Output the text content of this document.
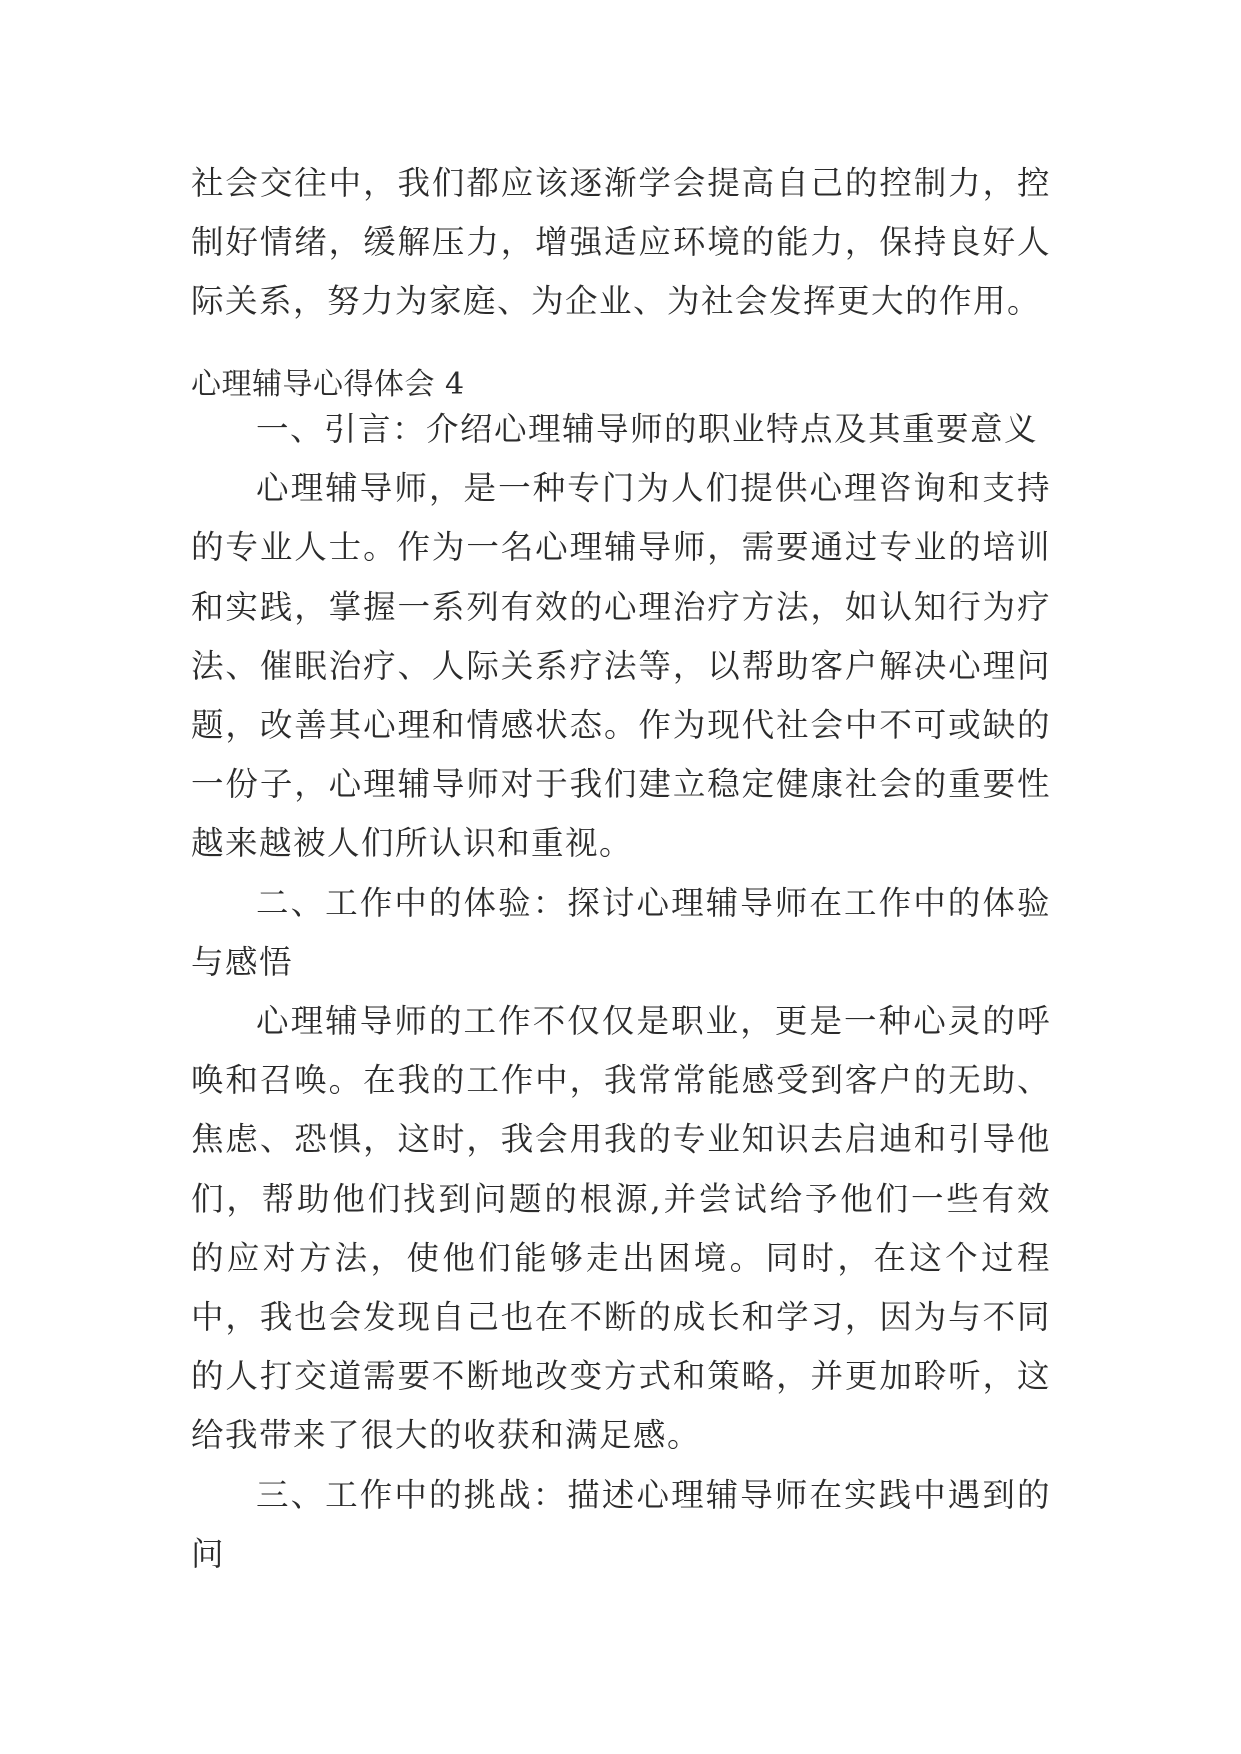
社会交往中，我们都应该逐渐学会提高自己的控制力，控制好情绪，缓解压力，增强适应环境的能力，保持良好人际关系，努力为家庭、为企业、为社会发挥更大的作用。

心理辅导心得体会 4

一、引言：介绍心理辅导师的职业特点及其重要意义

心理辅导师，是一种专门为人们提供心理咨询和支持的专业人士。作为一名心理辅导师，需要通过专业的培训和实践，掌握一系列有效的心理治疗方法，如认知行为疗法、催眠治疗、人际关系疗法等，以帮助客户解决心理问题，改善其心理和情感状态。作为现代社会中不可或缺的一份子，心理辅导师对于我们建立稳定健康社会的重要性越来越被人们所认识和重视。

二、工作中的体验：探讨心理辅导师在工作中的体验与感悟

心理辅导师的工作不仅仅是职业，更是一种心灵的呼唤和召唤。在我的工作中，我常常能感受到客户的无助、焦虑、恐惧，这时，我会用我的专业知识去启迪和引导他们，帮助他们找到问题的根源,并尝试给予他们一些有效的应对方法，使他们能够走出困境。同时，在这个过程中，我也会发现自己也在不断的成长和学习，因为与不同的人打交道需要不断地改变方式和策略，并更加聆听，这给我带来了很大的收获和满足感。

三、工作中的挑战：描述心理辅导师在实践中遇到的问
